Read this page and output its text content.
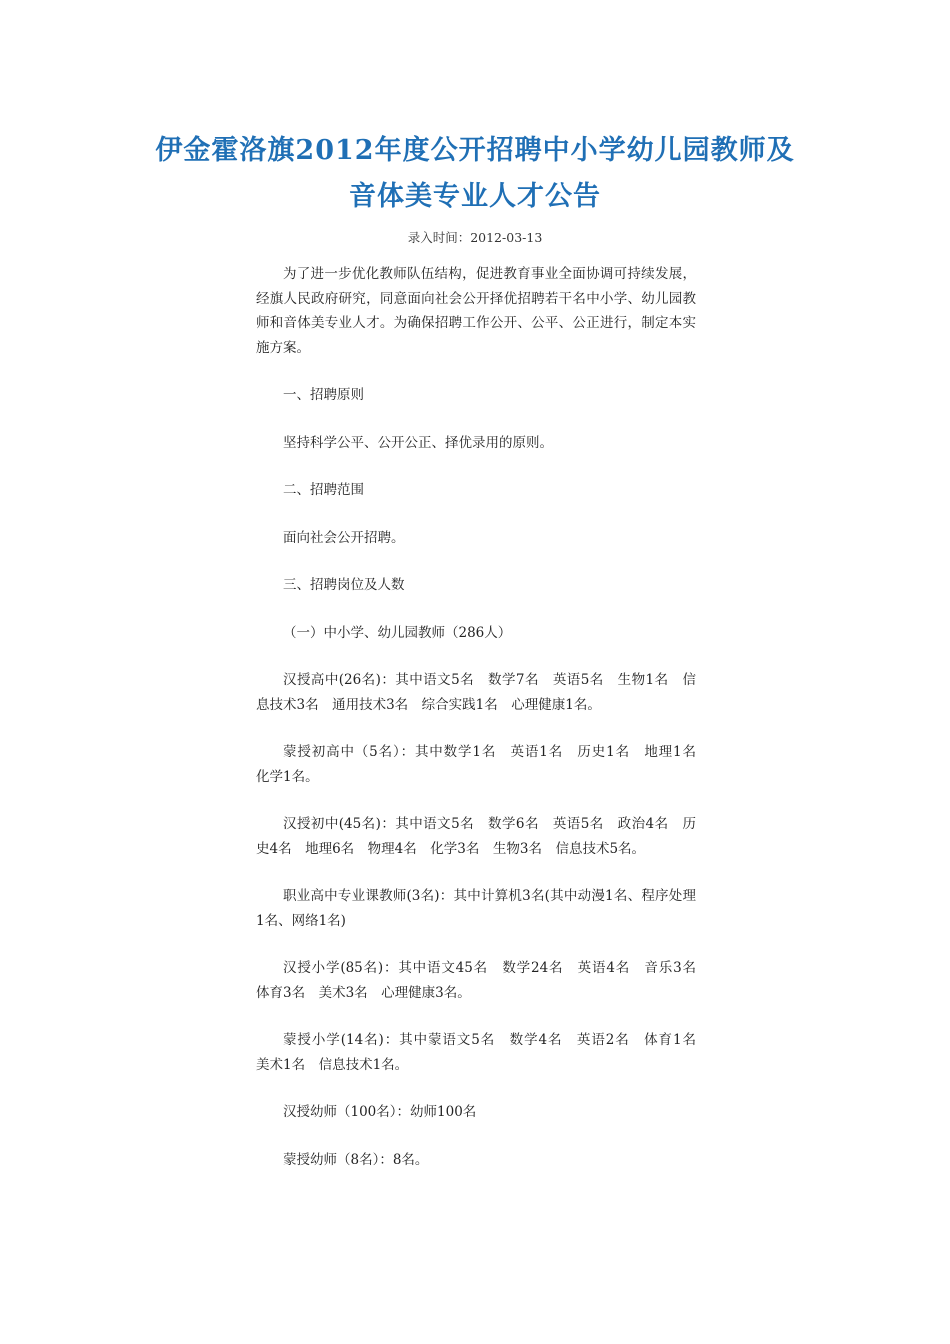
伊金霍洛旗2012年度公开招聘中小学幼儿园教师及
音体美专业人才公告
录入时间：2012-03-13

为了进一步优化教师队伍结构，促进教育事业全面协调可持续发展，经旗人民政府研究，同意面向社会公开择优招聘若干名中小学、幼儿园教师和音体美专业人才。为确保招聘工作公开、公平、公正进行，制定本实施方案。

一、招聘原则

坚持科学公平、公开公正、择优录用的原则。

二、招聘范围

面向社会公开招聘。

三、招聘岗位及人数

（一）中小学、幼儿园教师（286人）

汉授高中(26名)：其中语文5名　数学7名　英语5名　生物1名　信息技术3名　通用技术3名　综合实践1名　心理健康1名。

蒙授初高中（5名）：其中数学1名　英语1名　历史1名　地理1名　化学1名。

汉授初中(45名)：其中语文5名　数学6名　英语5名　政治4名　历史4名　地理6名　物理4名　化学3名　生物3名　信息技术5名。

职业高中专业课教师(3名)：其中计算机3名(其中动漫1名、程序处理1名、网络1名)

汉授小学(85名)：其中语文45名　数学24名　英语4名　音乐3名　体育3名　美术3名　心理健康3名。

蒙授小学(14名)：其中蒙语文5名　数学4名　英语2名　体育1名　美术1名　信息技术1名。

汉授幼师（100名）：幼师100名

蒙授幼师（8名）：8名。
